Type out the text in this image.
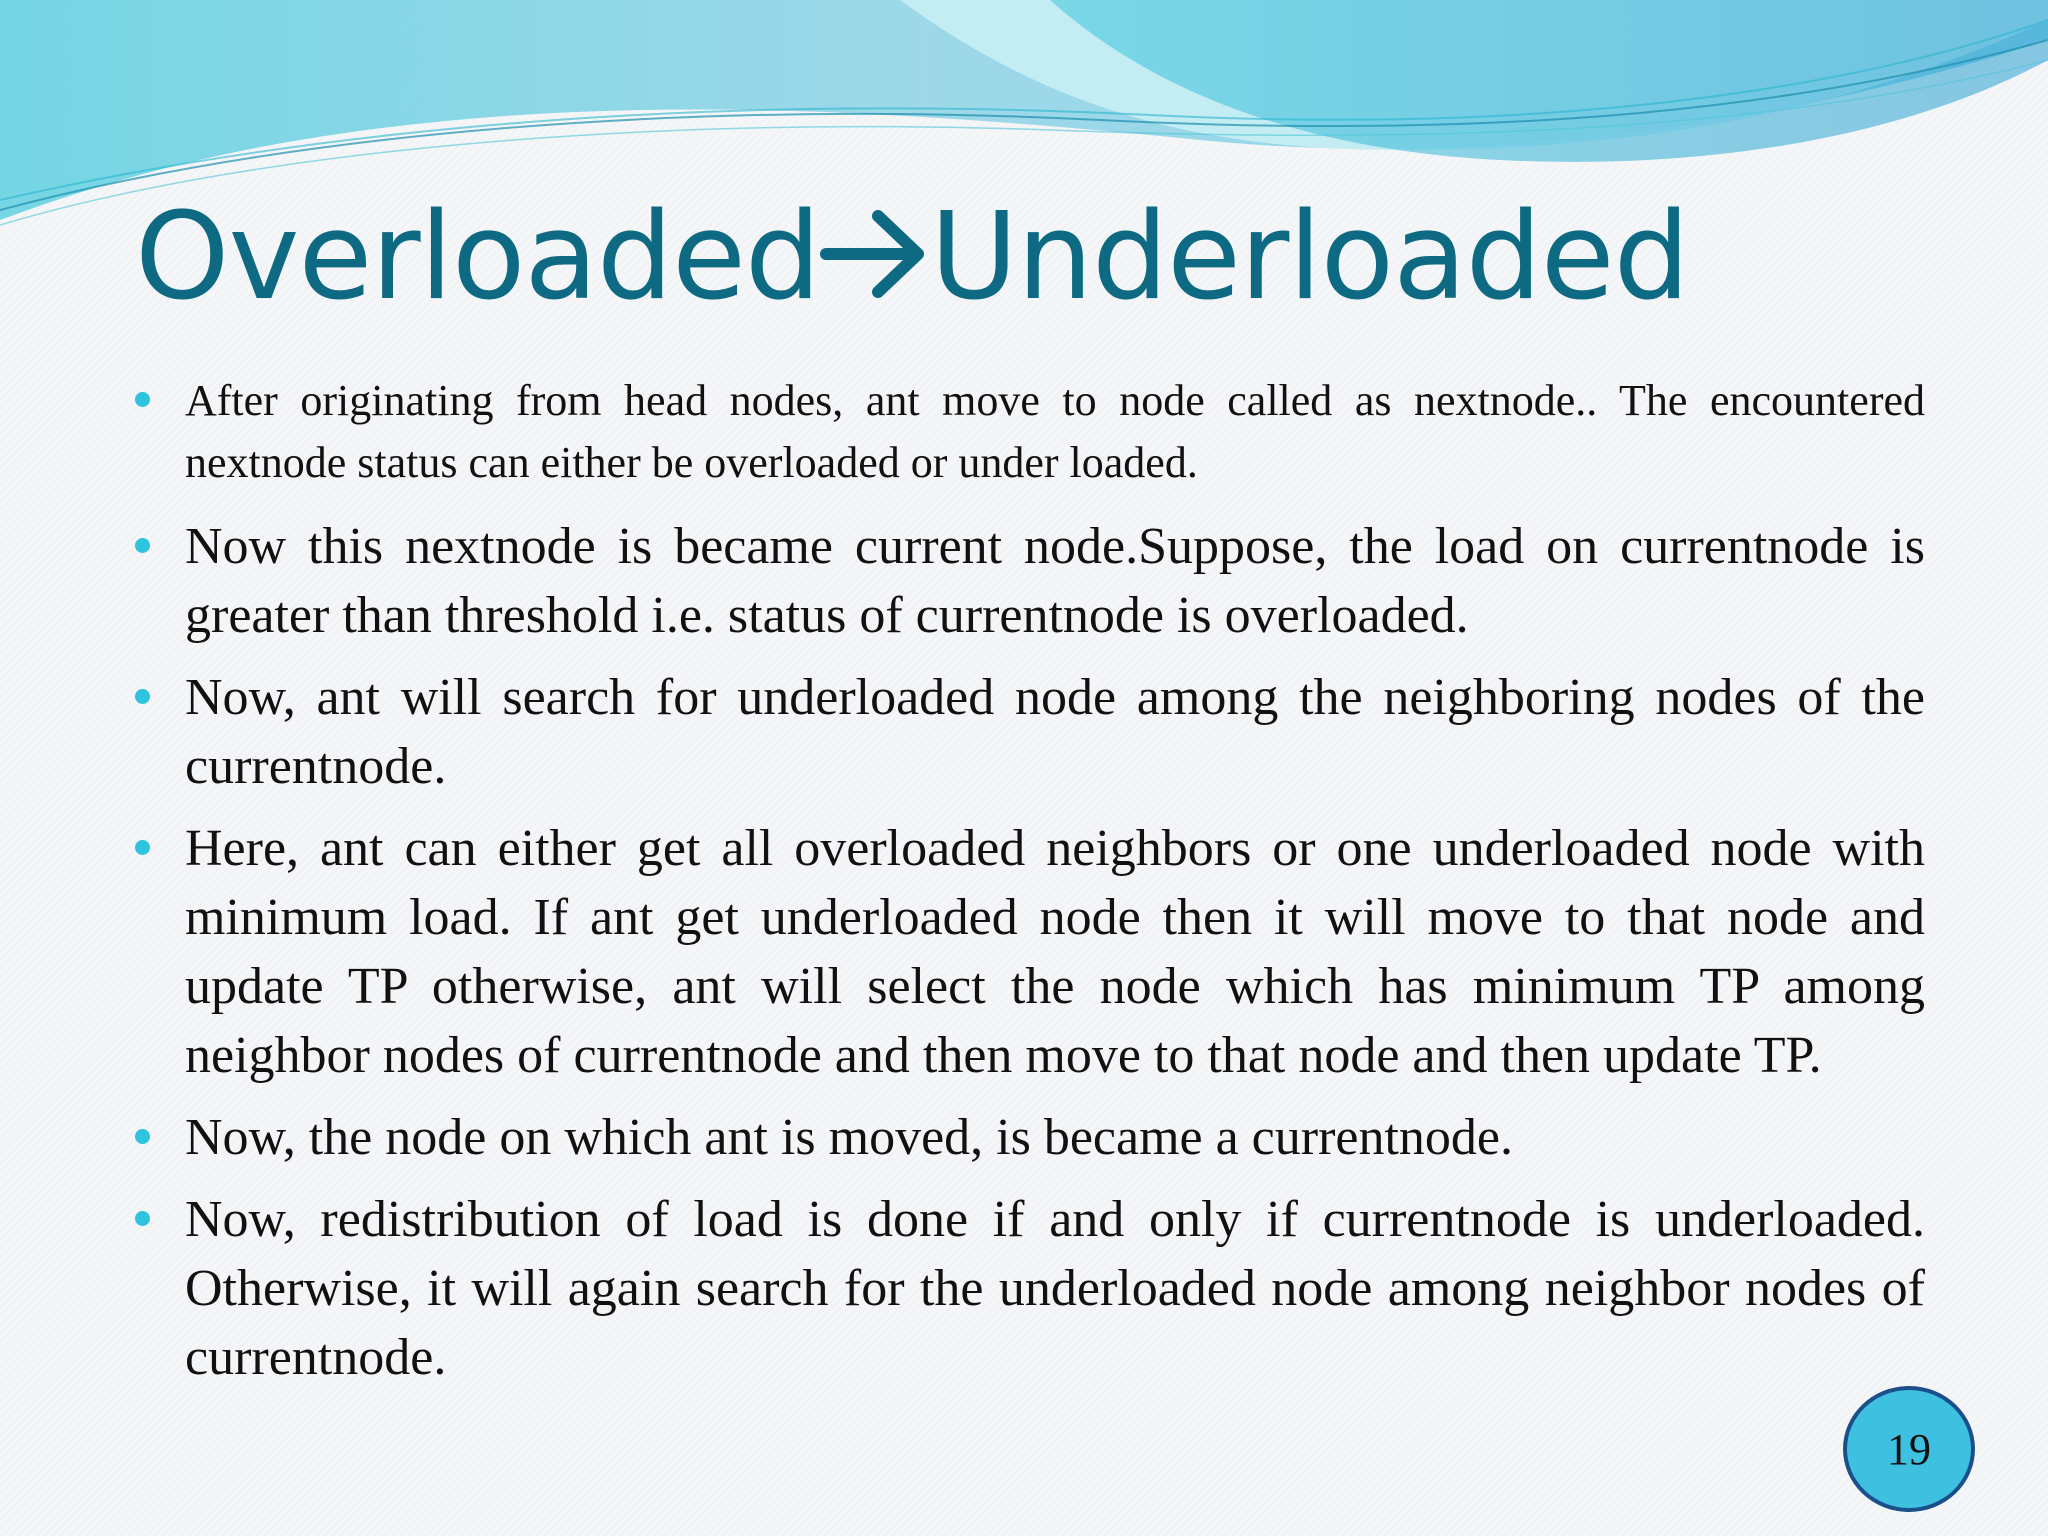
Overloaded Underloaded
After originating from head nodes, ant move to node called as nextnode.. The encountered nextnode status can either be overloaded or under loaded.
Now this nextnode is became current node.Suppose, the load on currentnode is greater than threshold i.e. status of currentnode is overloaded.
Now, ant will search for underloaded node among the neighboring nodes of the currentnode.
Here, ant can either get all overloaded neighbors or one underloaded node with minimum load. If ant get underloaded node then it will move to that node and update TP otherwise, ant will select the node which has minimum TP among neighbor nodes of currentnode and then move to that node and then update TP.
Now, the node on which ant is moved, is became a currentnode.
Now, redistribution of load is done if and only if currentnode is underloaded. Otherwise, it will again search for the underloaded node among neighbor nodes of currentnode.
19
